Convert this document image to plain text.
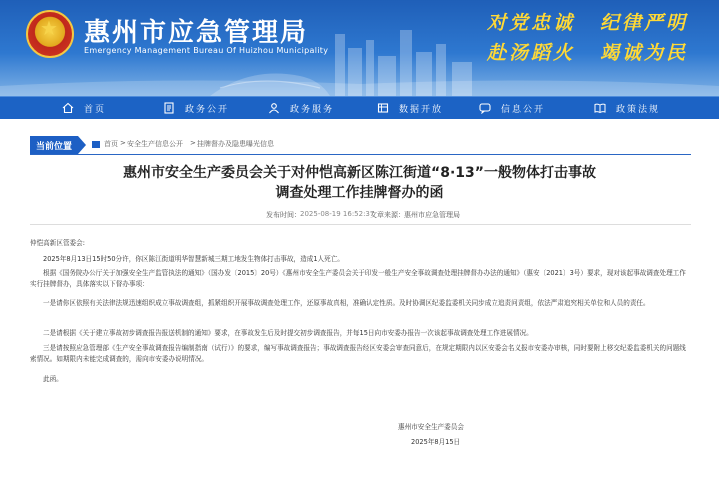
★ 惠州市应急管理局
Emergency Management Bureau Of Huizhou Municipality
对党忠诚 纪律严明
赴汤蹈火 竭诚为民
首页	政务公开	政务服务	数据开放	信息公开	政策法规
当前位置	首页 > 安全生产信息公开 > 挂牌督办及隐患曝光信息
惠州市安全生产委员会关于对仲恺高新区陈江街道“8·13”一般物体打击事故
调查处理工作挂牌督办的函
发布时间： 2025-08-19 16:52:37
文章来源： 惠州市应急管理局
仲恺高新区管委会:
2025年8月13日15时50分许，你区陈江街道明华智慧新城三期工地发生物体打击事故，造成1人死亡。
根据《国务院办公厅关于加强安全生产监管执法的通知》（国办发〔2015〕20号）《惠州市安全生产委员会关于印发一般生产安全事故调查处理挂牌督办办法的通知》（惠安〔2021〕3号）要求，现对该起事故调查处理工作实行挂牌督办，具体落实以下督办事项：
一是请你区依照有关法律法规迅速组织成立事故调查组，抓紧组织开展事故调查处理工作，还原事故真相，准确认定性质。及时协调区纪委监委机关同步成立追责问责组，依法严肃追究相关单位和人员的责任。
二是请根据《关于建立事故初步调查报告报送机制的通知》要求，在事故发生后及时提交初步调查报告，并每15日向市安委办报告一次该起事故调查处理工作进展情况。
三是请按照应急管理部《生产安全事故调查报告编制指南（试行）》的要求，编写事故调查报告；事故调查报告经区安委会审查同意后，在规定期限内以区安委会名义报市安委办审核，同时要附上移交纪委监委机关的问题线索情况。如期限内未能完成调查的，需向市安委办说明情况。
此函。
惠州市安全生产委员会
2025年8月15日
